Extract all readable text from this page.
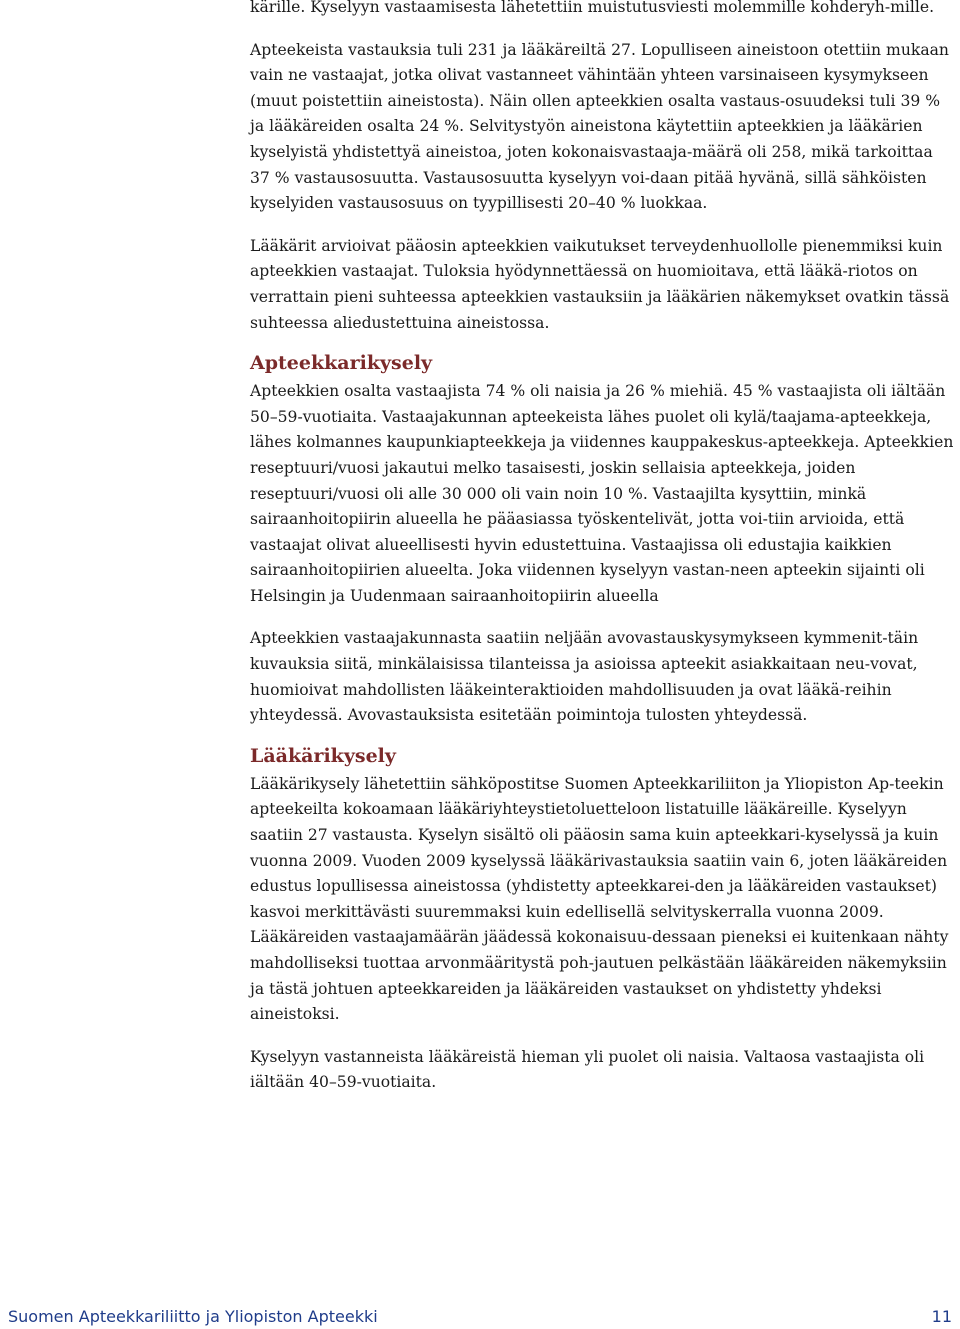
kärille. Kyselyyn vastaamisesta lähetettiin muistutusviesti molemmille kohderyh-mille.

Apteekeista vastauksia tuli 231 ja lääkäreiltä 27. Lopulliseen aineistoon otettiin mukaan vain ne vastaajat, jotka olivat vastanneet vähintään yhteen varsinaiseen kysymykseen (muut poistettiin aineistosta). Näin ollen apteekkien osalta vastaus-osuudeksi tuli 39 % ja lääkäreiden osalta 24 %. Selvitystyön aineistona käytettiin apteekkien ja lääkärien kyselyistä yhdistettyä aineistoa, joten kokonaisvastaaja-määrä oli 258, mikä tarkoittaa 37 % vastausosuutta. Vastausosuutta kyselyyn voi-daan pitää hyvänä, sillä sähköisten kyselyiden vastausosuus on tyypillisesti 20–40 % luokkaa.

Lääkärit arvioivat pääosin apteekkien vaikutukset terveydenhuollolle pienemmiksi kuin apteekkien vastaajat. Tuloksia hyödynnettäessä on huomioitava, että lääkä-riotos on verrattain pieni suhteessa apteekkien vastauksiin ja lääkärien näkemykset ovatkin tässä suhteessa aliedustettuina aineistossa.

Apteekkarikysely

Apteekkien osalta vastaajista 74 % oli naisia ja 26 % miehiä. 45 % vastaajista oli iältään 50–59-vuotiaita. Vastaajakunnan apteekeista lähes puolet oli kylä/taajama-apteekkeja, lähes kolmannes kaupunkiapteekkeja ja viidennes kauppakeskus-apteekkeja. Apteekkien reseptuuri/vuosi jakautui melko tasaisesti, joskin sellaisia apteekkeja, joiden reseptuuri/vuosi oli alle 30 000 oli vain noin 10 %. Vastaajilta kysyttiin, minkä sairaanhoitopiirin alueella he pääasiassa työskentelivät, jotta voi-tiin arvioida, että vastaajat olivat alueellisesti hyvin edustettuina. Vastaajissa oli edustajia kaikkien sairaanhoitopiirien alueelta. Joka viidennen kyselyyn vastan-neen apteekin sijainti oli Helsingin ja Uudenmaan sairaanhoitopiirin alueella

Apteekkien vastaajakunnasta saatiin neljään avovastauskysymykseen kymmenit-täin kuvauksia siitä, minkälaisissa tilanteissa ja asioissa apteekit asiakkaitaan neu-vovat, huomioivat mahdollisten lääkeinteraktioiden mahdollisuuden ja ovat lääkä-reihin yhteydessä. Avovastauksista esitetään poimintoja tulosten yhteydessä.

Lääkärikysely

Lääkärikysely lähetettiin sähköpostitse Suomen Apteekkariliiton ja Yliopiston Ap-teekin apteekeilta kokoamaan lääkäriyhteystietoluetteloon listatuille lääkäreille. Kyselyyn saatiin 27 vastausta. Kyselyn sisältö oli pääosin sama kuin apteekkari-kyselyssä ja kuin vuonna 2009. Vuoden 2009 kyselyssä lääkärivastauksia saatiin vain 6, joten lääkäreiden edustus lopullisessa aineistossa (yhdistetty apteekkarei-den ja lääkäreiden vastaukset) kasvoi merkittävästi suuremmaksi kuin edellisellä selvityskerralla vuonna 2009. Lääkäreiden vastaajamäärän jäädessä kokonaisuu-dessaan pieneksi ei kuitenkaan nähty mahdolliseksi tuottaa arvonmääritystä poh-jautuen pelkästään lääkäreiden näkemyksiin ja tästä johtuen apteekkareiden ja lääkäreiden vastaukset on yhdistetty yhdeksi aineistoksi.

Kyselyyn vastanneista lääkäreistä hieman yli puolet oli naisia. Valtaosa vastaajista oli iältään 40–59-vuotiaita.

Suomen Apteekkariliitto ja Yliopiston Apteekki	11
